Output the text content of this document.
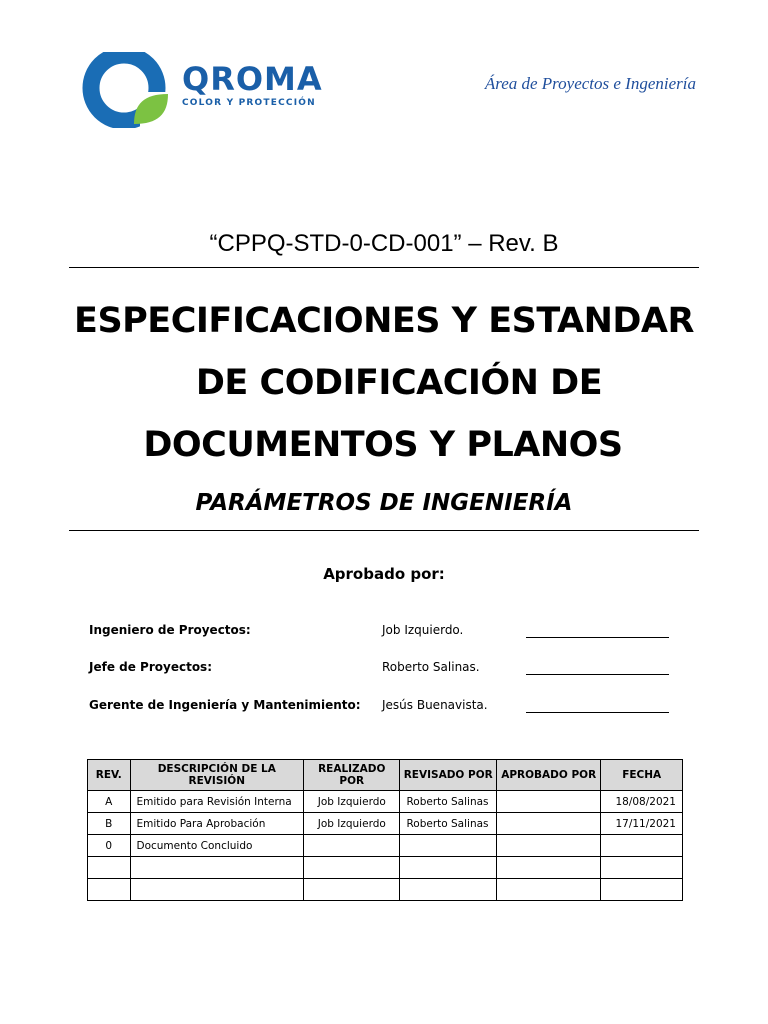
QROMA
COLOR Y PROTECCIÓN
Área de Proyectos e Ingeniería
“CPPQ-STD-0-CD-001” – Rev. B
ESPECIFICACIONES Y ESTANDAR
DE CODIFICACIÓN DE
DOCUMENTOS Y PLANOS
PARÁMETROS DE INGENIERÍA
Aprobado por:
Ingeniero de Proyectos:	Job Izquierdo.
Jefe de Proyectos:	Roberto Salinas.
Gerente de Ingeniería y Mantenimiento: Jesús Buenavista.
REV.	DESCRIPCIÓN DE LA REVISIÓN	REALIZADO POR	REVISADO POR	APROBADO POR	FECHA
A	Emitido para Revisión Interna	Job Izquierdo	Roberto Salinas		18/08/2021
B	Emitido Para Aprobación	Job Izquierdo	Roberto Salinas		17/11/2021
0	Documento Concluido				
